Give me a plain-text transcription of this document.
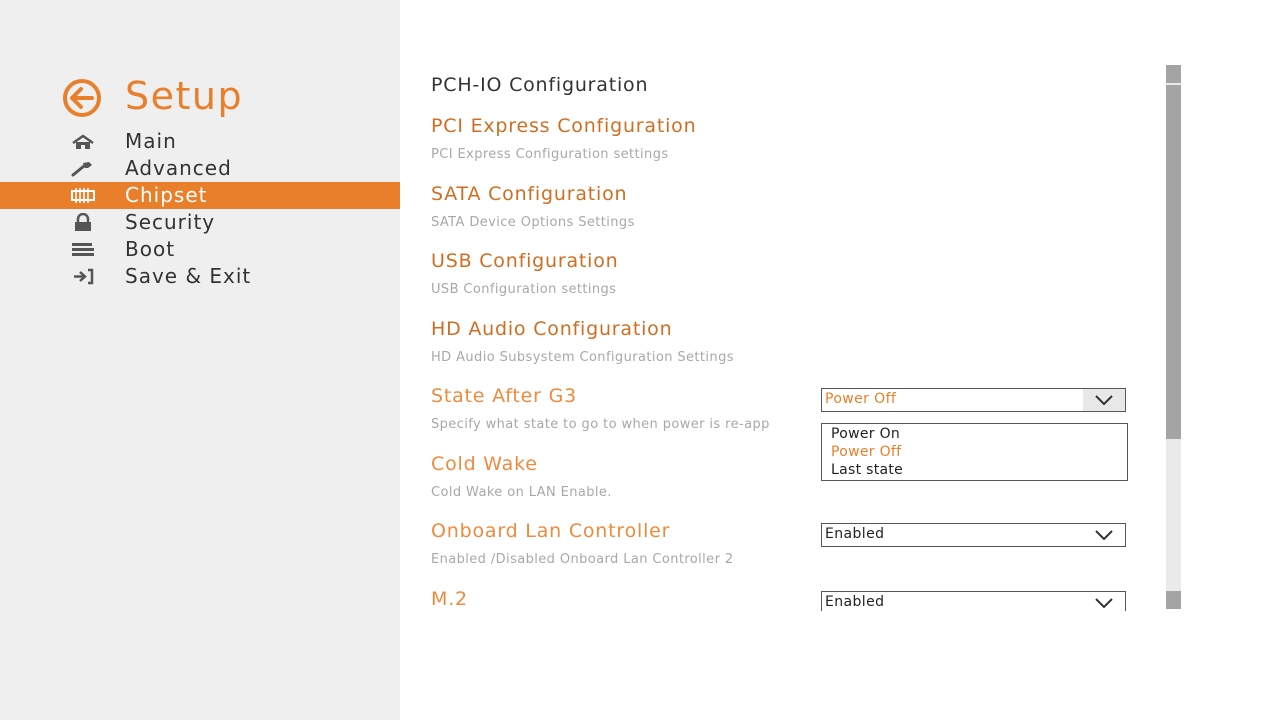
Setup
Main
Advanced
Chipset
Security
Boot
Save & Exit
PCH-IO Configuration
PCI Express Configuration
PCI Express Configuration settings
SATA Configuration
SATA Device Options Settings
USB Configuration
USB Configuration settings
HD Audio Configuration
HD Audio Subsystem Configuration Settings
State After G3
Specify what state to go to when power is re-app
Power Off
Power On
Power Off
Last state
Cold Wake
Cold Wake on LAN Enable.
Onboard Lan Controller
Enabled /Disabled Onboard Lan Controller 2
Enabled
M.2	Enabled
